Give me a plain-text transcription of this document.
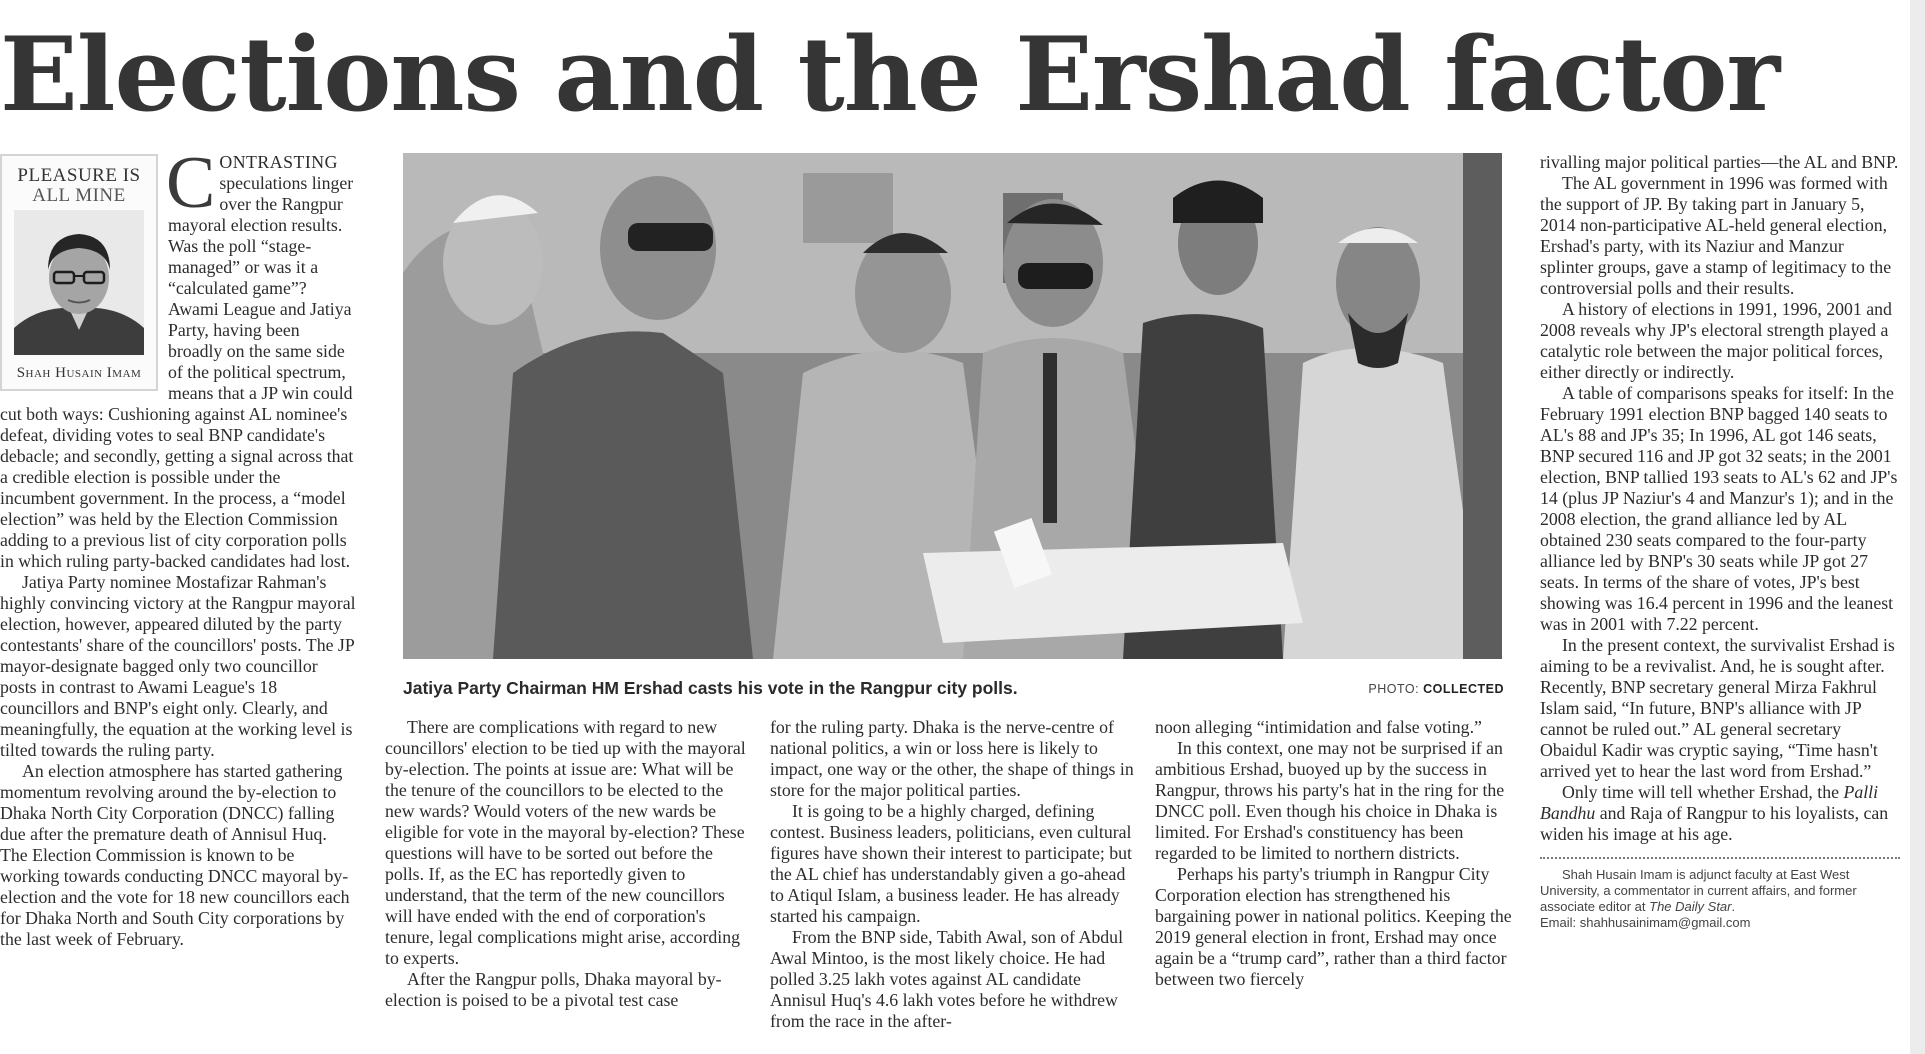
Elections and the Ershad factor
PLEASURE IS
ALL MINE
Shah Husain Imam

CONTRASTING speculations linger over the Rangpur mayoral election results. Was the poll “stage-managed” or was it a “calculated game”? Awami League and Jatiya Party, having been broadly on the same side of the political spectrum, means that a JP win could cut both ways: Cushioning against AL nominee's defeat, dividing votes to seal BNP candidate's debacle; and secondly, getting a signal across that a credible election is possible under the incumbent government. In the process, a “model election” was held by the Election Commission adding to a previous list of city corporation polls in which ruling party-backed candidates had lost.

Jatiya Party nominee Mostafizar Rahman's highly convincing victory at the Rangpur mayoral election, however, appeared diluted by the party contestants' share of the councillors' posts. The JP mayor-designate bagged only two councillor posts in contrast to Awami League's 18 councillors and BNP's eight only. Clearly, and meaningfully, the equation at the working level is tilted towards the ruling party.

An election atmosphere has started gathering momentum revolving around the by-election to Dhaka North City Corporation (DNCC) falling due after the premature death of Annisul Huq. The Election Commission is known to be working towards conducting DNCC mayoral by-election and the vote for 18 new councillors each for Dhaka North and South City corporations by the last week of February.

Jatiya Party Chairman HM Ershad casts his vote in the Rangpur city polls.	PHOTO: COLLECTED

There are complications with regard to new councillors' election to be tied up with the mayoral by-election. The points at issue are: What will be the tenure of the councillors to be elected to the new wards? Would voters of the new wards be eligible for vote in the mayoral by-election? These questions will have to be sorted out before the polls. If, as the EC has reportedly given to understand, that the term of the new councillors will have ended with the end of corporation's tenure, legal complications might arise, according to experts.

After the Rangpur polls, Dhaka mayoral by-election is poised to be a pivotal test case

for the ruling party. Dhaka is the nerve-centre of national politics, a win or loss here is likely to impact, one way or the other, the shape of things in store for the major political parties.

It is going to be a highly charged, defining contest. Business leaders, politicians, even cultural figures have shown their interest to participate; but the AL chief has understandably given a go-ahead to Atiqul Islam, a business leader. He has already started his campaign.

From the BNP side, Tabith Awal, son of Abdul Awal Mintoo, is the most likely choice. He had polled 3.25 lakh votes against AL candidate Annisul Huq's 4.6 lakh votes before he withdrew from the race in the after-

noon alleging “intimidation and false voting.”

In this context, one may not be surprised if an ambitious Ershad, buoyed up by the success in Rangpur, throws his party's hat in the ring for the DNCC poll. Even though his choice in Dhaka is limited. For Ershad's constituency has been regarded to be limited to northern districts.

Perhaps his party's triumph in Rangpur City Corporation election has strengthened his bargaining power in national politics. Keeping the 2019 general election in front, Ershad may once again be a “trump card”, rather than a third factor between two fiercely

rivalling major political parties—the AL and BNP.

The AL government in 1996 was formed with the support of JP. By taking part in January 5, 2014 non-participative AL-held general election, Ershad's party, with its Naziur and Manzur splinter groups, gave a stamp of legitimacy to the controversial polls and their results.

A history of elections in 1991, 1996, 2001 and 2008 reveals why JP's electoral strength played a catalytic role between the major political forces, either directly or indirectly.

A table of comparisons speaks for itself: In the February 1991 election BNP bagged 140 seats to AL's 88 and JP's 35; In 1996, AL got 146 seats, BNP secured 116 and JP got 32 seats; in the 2001 election, BNP tallied 193 seats to AL's 62 and JP's 14 (plus JP Naziur's 4 and Manzur's 1); and in the 2008 election, the grand alliance led by AL obtained 230 seats compared to the four-party alliance led by BNP's 30 seats while JP got 27 seats. In terms of the share of votes, JP's best showing was 16.4 percent in 1996 and the leanest was in 2001 with 7.22 percent.

In the present context, the survivalist Ershad is aiming to be a revivalist. And, he is sought after. Recently, BNP secretary general Mirza Fakhrul Islam said, “In future, BNP's alliance with JP cannot be ruled out.” AL general secretary Obaidul Kadir was cryptic saying, “Time hasn't arrived yet to hear the last word from Ershad.”

Only time will tell whether Ershad, the Palli Bandhu and Raja of Rangpur to his loyalists, can widen his image at his age.

Shah Husain Imam is adjunct faculty at East West University, a commentator in current affairs, and former associate editor at The Daily Star.
Email: shahhusainimam@gmail.com
